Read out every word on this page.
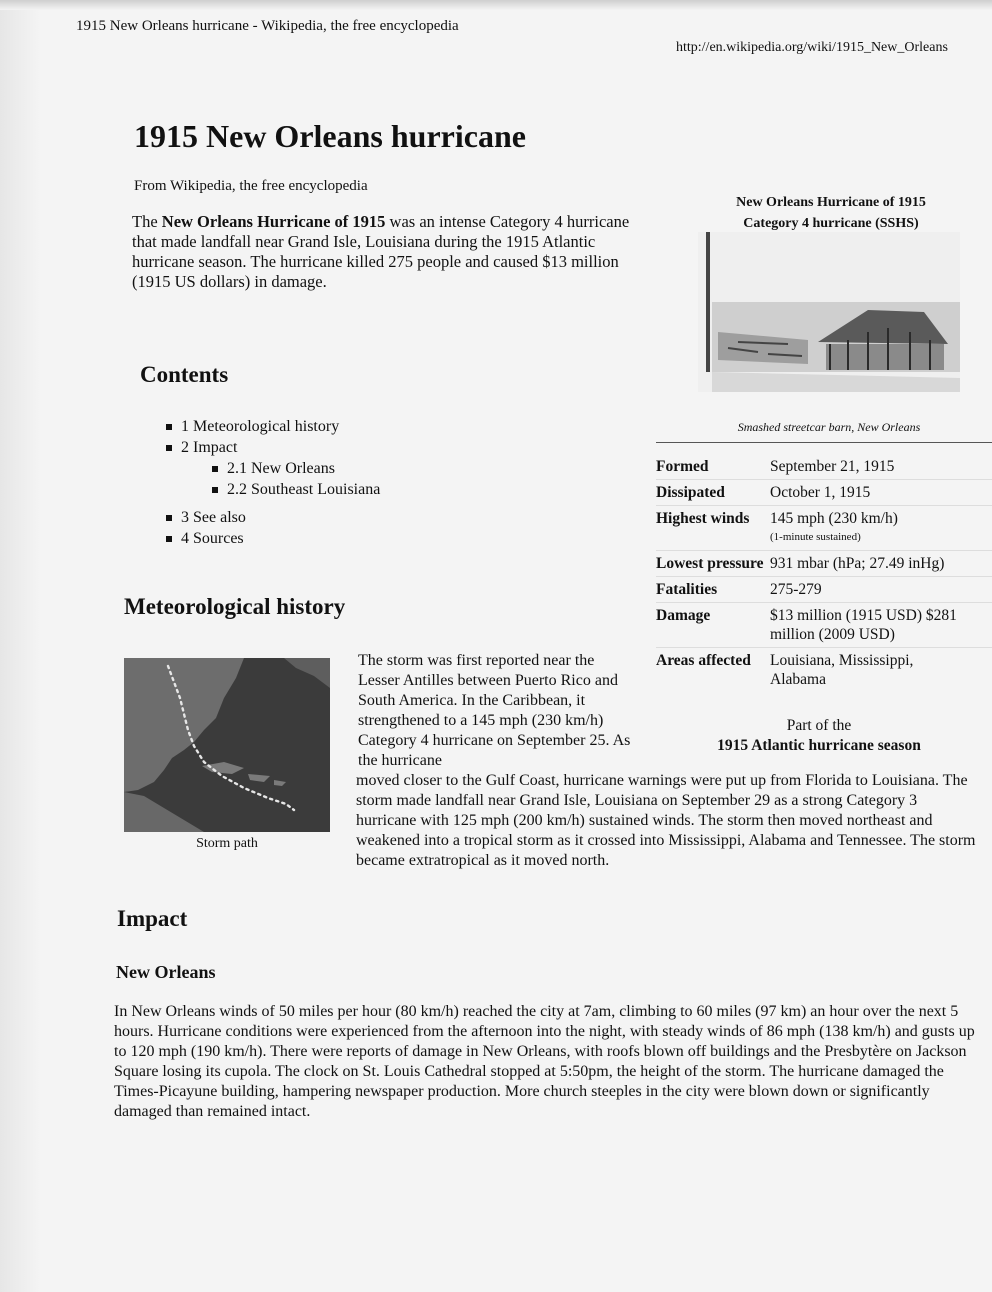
1915 New Orleans hurricane - Wikipedia, the free encyclopedia
http://en.wikipedia.org/wiki/1915_New_Orleans
1915 New Orleans hurricane
From Wikipedia, the free encyclopedia

The New Orleans Hurricane of 1915 was an intense Category 4 hurricane that made landfall near Grand Isle, Louisiana during the 1915 Atlantic hurricane season. The hurricane killed 275 people and caused $13 million (1915 US dollars) in damage.

Contents
1 Meteorological history
2 Impact
2.1 New Orleans
2.2 Southeast Louisiana
3 See also
4 Sources
Meteorological history
Storm path

The storm was first reported near the Lesser Antilles between Puerto Rico and South America. In the Caribbean, it strengthened to a 145 mph (230 km/h) Category 4 hurricane on September 25. As the hurricane

moved closer to the Gulf Coast, hurricane warnings were put up from Florida to Louisiana. The storm made landfall near Grand Isle, Louisiana on September 29 as a strong Category 3 hurricane with 125 mph (200 km/h) sustained winds. The storm then moved northeast and weakened into a tropical storm as it crossed into Mississippi, Alabama and Tennessee. The storm became extratropical as it moved north.

Impact
New Orleans

In New Orleans winds of 50 miles per hour (80 km/h) reached the city at 7am, climbing to 60 miles (97 km) an hour over the next 5 hours. Hurricane conditions were experienced from the afternoon into the night, with steady winds of 86 mph (138 km/h) and gusts up to 120 mph (190 km/h). There were reports of damage in New Orleans, with roofs blown off buildings and the Presbytère on Jackson Square losing its cupola. The clock on St. Louis Cathedral stopped at 5:50pm, the height of the storm. The hurricane damaged the Times-Picayune building, hampering newspaper production. More church steeples in the city were blown down or significantly damaged than remained intact.

New Orleans Hurricane of 1915
Category 4 hurricane (SSHS)
Smashed streetcar barn, New Orleans
Formed	September 21, 1915
Dissipated	October 1, 1915
Highest winds	145 mph (230 km/h)
(1-minute sustained)
Lowest pressure 931 mbar (hPa; 27.49 inHg)
Fatalities	275-279
Damage	$13 million (1915 USD) $281 million (2009 USD)
Areas affected	Louisiana, Mississippi, Alabama
Part of the
1915 Atlantic hurricane season
